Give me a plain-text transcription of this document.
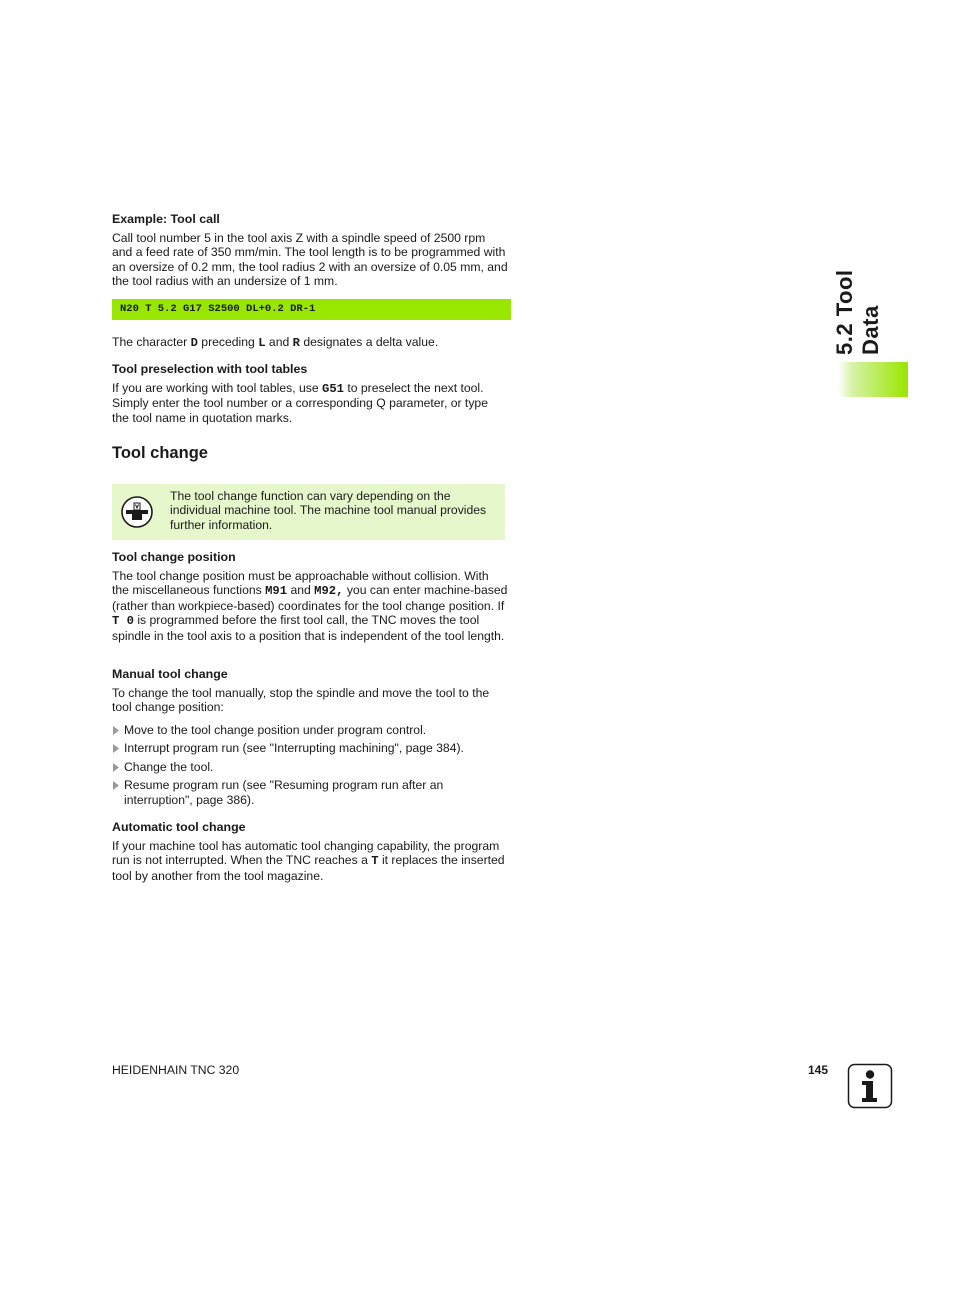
5.2 Tool Data
Example: Tool call
Call tool number 5 in the tool axis Z with a spindle speed of 2500 rpm and a feed rate of 350 mm/min. The tool length is to be programmed with an oversize of 0.2 mm, the tool radius 2 with an oversize of 0.05 mm, and the tool radius with an undersize of 1 mm.
N20 T 5.2 G17 S2500 DL+0.2 DR-1
The character D preceding L and R designates a delta value.
Tool preselection with tool tables
If you are working with tool tables, use G51 to preselect the next tool. Simply enter the tool number or a corresponding Q parameter, or type the tool name in quotation marks.
Tool change
The tool change function can vary depending on the individual machine tool. The machine tool manual provides further information.
Tool change position
The tool change position must be approachable without collision. With the miscellaneous functions M91 and M92, you can enter machine-based (rather than workpiece-based) coordinates for the tool change position. If T 0 is programmed before the first tool call, the TNC moves the tool spindle in the tool axis to a position that is independent of the tool length.
Manual tool change
To change the tool manually, stop the spindle and move the tool to the tool change position:
Move to the tool change position under program control.
Interrupt program run (see "Interrupting machining", page 384).
Change the tool.
Resume program run (see "Resuming program run after an interruption", page 386).
Automatic tool change
If your machine tool has automatic tool changing capability, the program run is not interrupted. When the TNC reaches a T it replaces the inserted tool by another from the tool magazine.
HEIDENHAIN TNC 320	145
